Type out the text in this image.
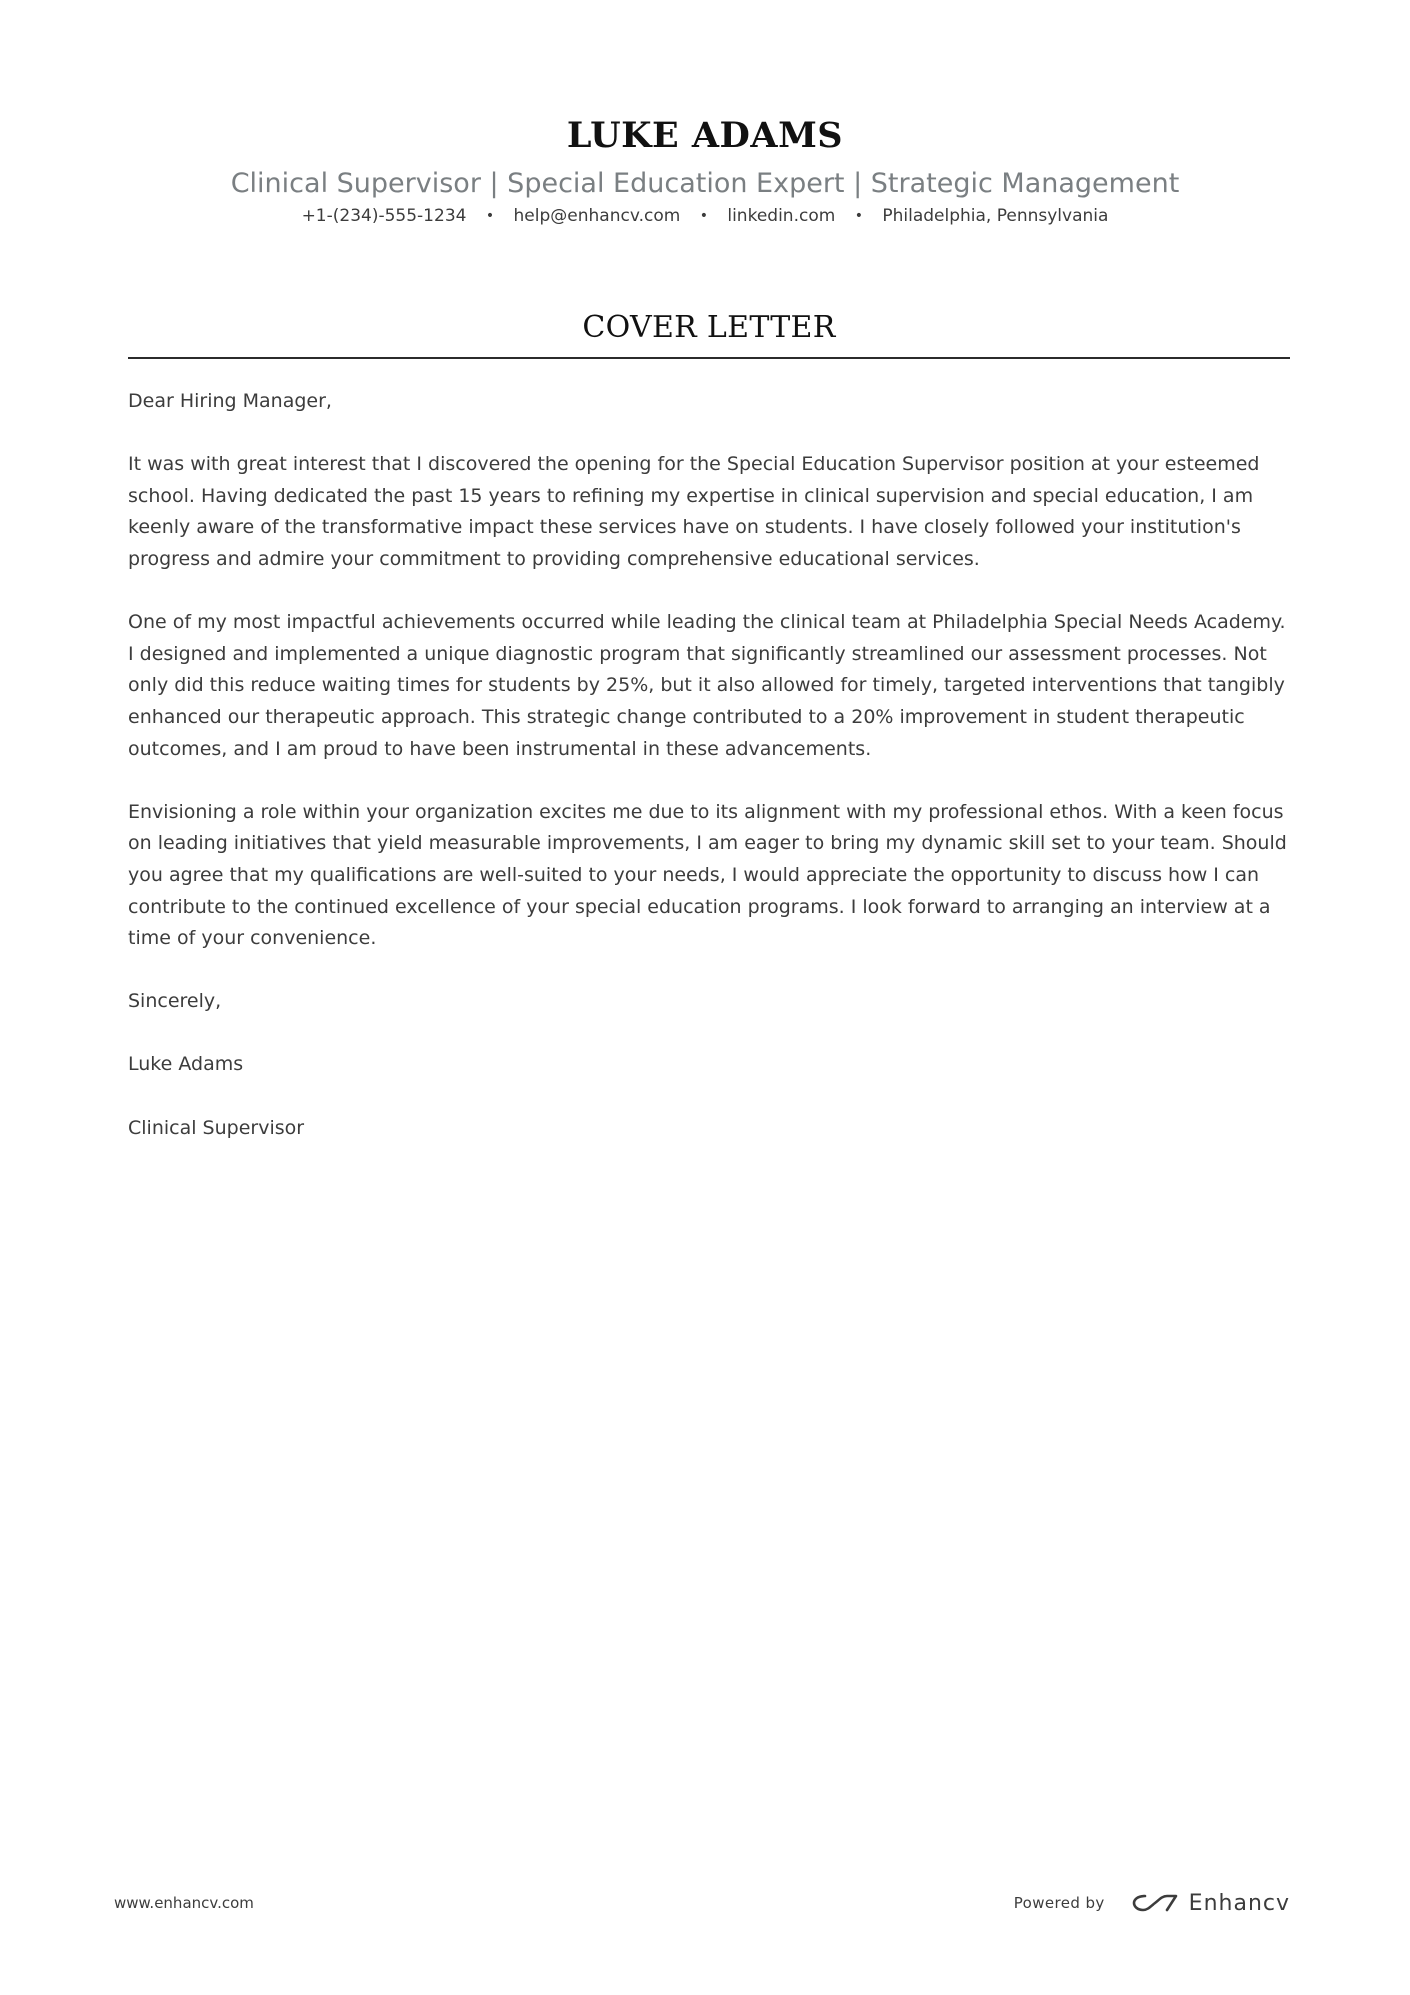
LUKE ADAMS
Clinical Supervisor | Special Education Expert | Strategic Management
+1-(234)-555-1234 • help@enhancv.com • linkedin.com • Philadelphia, Pennsylvania
COVER LETTER

Dear Hiring Manager,

It was with great interest that I discovered the opening for the Special Education Supervisor position at your esteemed school. Having dedicated the past 15 years to refining my expertise in clinical supervision and special education, I am keenly aware of the transformative impact these services have on students. I have closely followed your institution's progress and admire your commitment to providing comprehensive educational services.

One of my most impactful achievements occurred while leading the clinical team at Philadelphia Special Needs Academy. I designed and implemented a unique diagnostic program that significantly streamlined our assessment processes. Not only did this reduce waiting times for students by 25%, but it also allowed for timely, targeted interventions that tangibly enhanced our therapeutic approach. This strategic change contributed to a 20% improvement in student therapeutic outcomes, and I am proud to have been instrumental in these advancements.

Envisioning a role within your organization excites me due to its alignment with my professional ethos. With a keen focus on leading initiatives that yield measurable improvements, I am eager to bring my dynamic skill set to your team. Should you agree that my qualifications are well-suited to your needs, I would appreciate the opportunity to discuss how I can contribute to the continued excellence of your special education programs. I look forward to arranging an interview at a time of your convenience.

Sincerely,

Luke Adams

Clinical Supervisor

www.enhancv.com	Powered by	Enhancv
